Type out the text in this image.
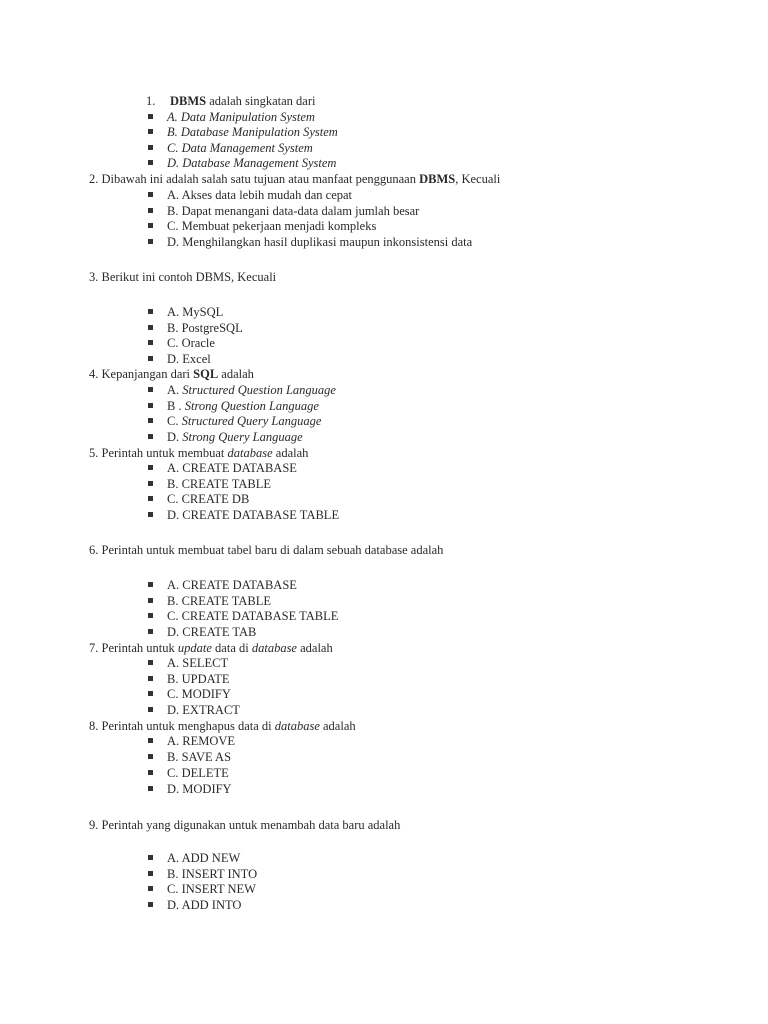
1. DBMS adalah singkatan dari
A. Data Manipulation System
B. Database Manipulation System
C. Data Management System
D. Database Management System
2. Dibawah ini adalah salah satu tujuan atau manfaat penggunaan DBMS, Kecuali
A. Akses data lebih mudah dan cepat
B. Dapat menangani data-data dalam jumlah besar
C. Membuat pekerjaan menjadi kompleks
D. Menghilangkan hasil duplikasi maupun inkonsistensi data
3. Berikut ini contoh DBMS, Kecuali
A. MySQL
B. PostgreSQL
C. Oracle
D. Excel
4. Kepanjangan dari SQL adalah
A. Structured Question Language
B . Strong Question Language
C. Structured Query Language
D. Strong Query Language
5. Perintah untuk membuat database adalah
A. CREATE DATABASE
B. CREATE TABLE
C. CREATE DB
D. CREATE DATABASE TABLE
6. Perintah untuk membuat tabel baru di dalam sebuah database adalah
A. CREATE DATABASE
B. CREATE TABLE
C. CREATE DATABASE TABLE
D. CREATE TAB
7. Perintah untuk update data di database adalah
A. SELECT
B. UPDATE
C. MODIFY
D. EXTRACT
8. Perintah untuk menghapus data di database adalah
A. REMOVE
B. SAVE AS
C. DELETE
D. MODIFY
9. Perintah yang digunakan untuk menambah data baru adalah
A. ADD NEW
B. INSERT INTO
C. INSERT NEW
D. ADD INTO
